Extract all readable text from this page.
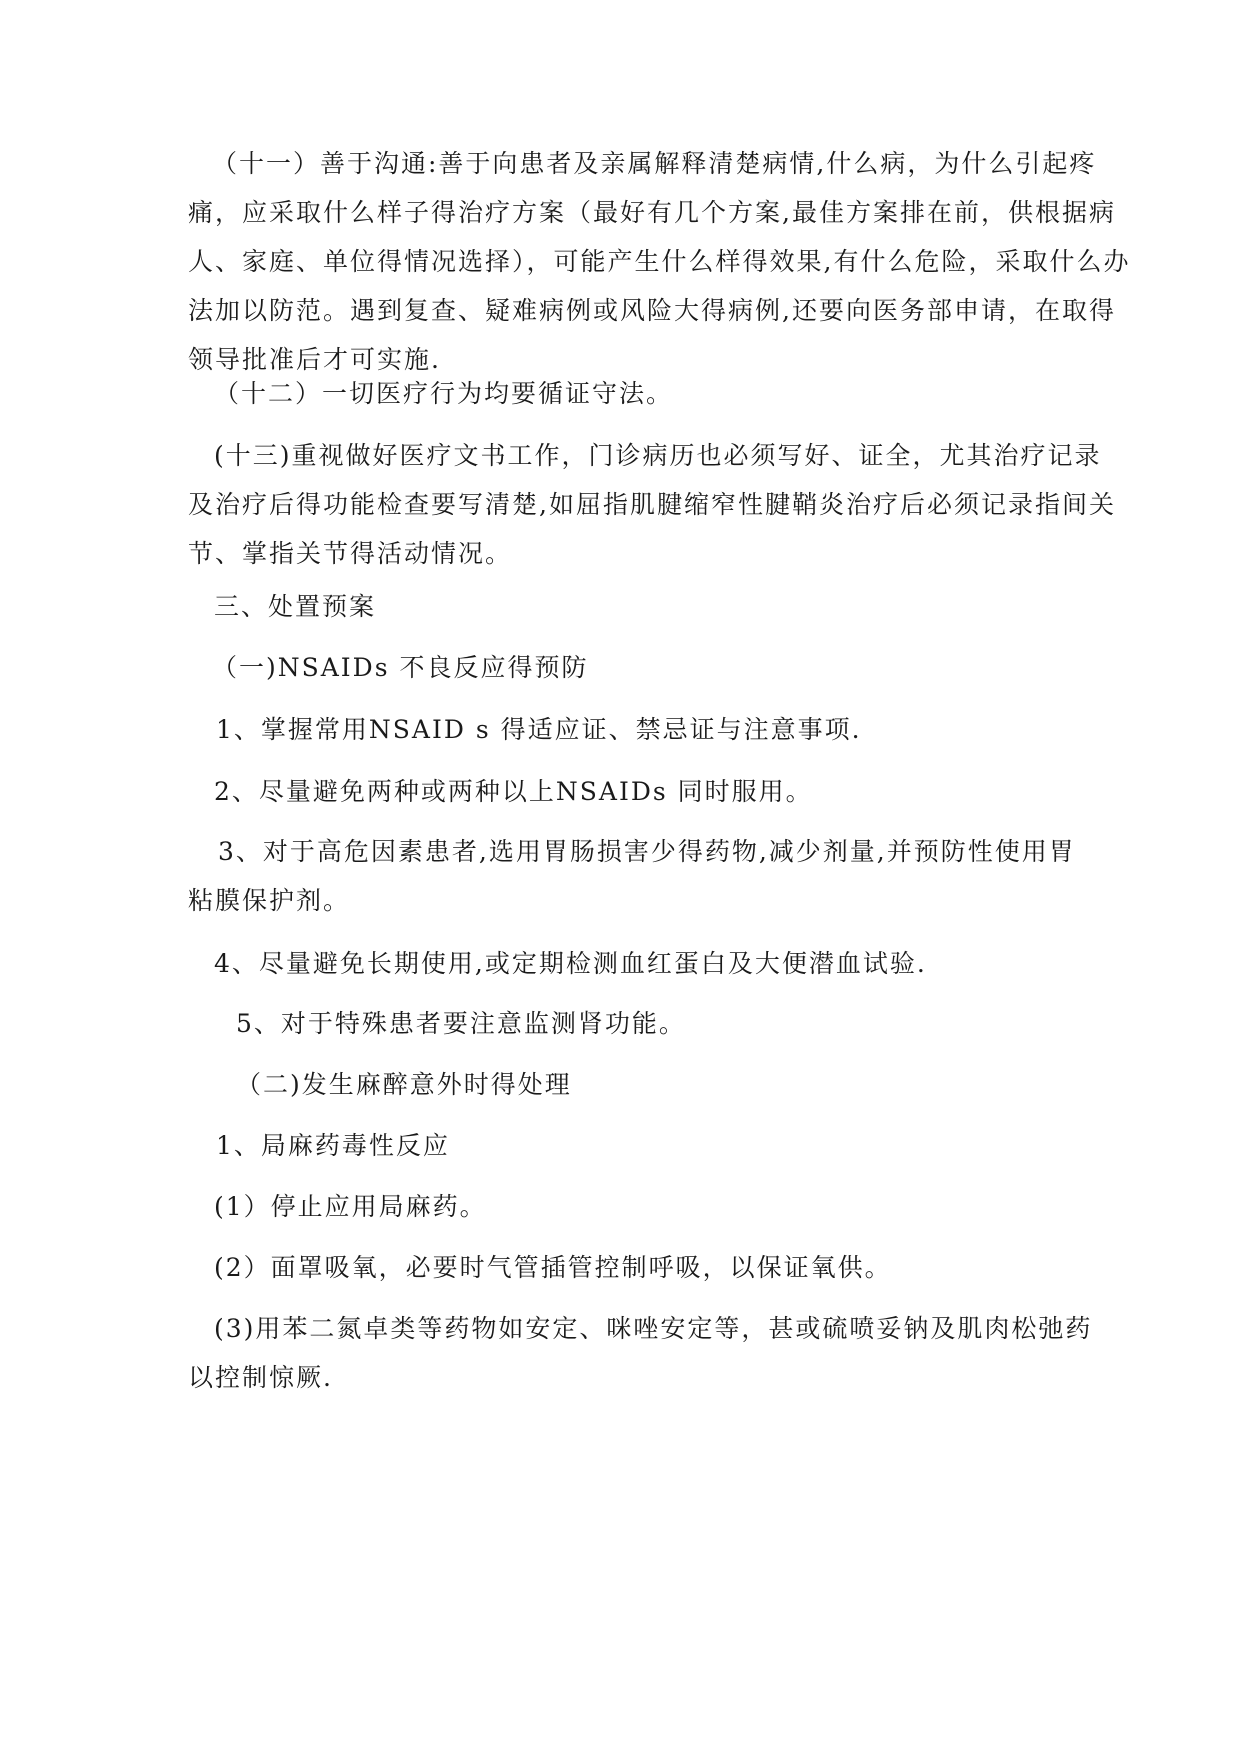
（十一）善于沟通:善于向患者及亲属解释清楚病情,什么病，为什么引起疼
痛，应采取什么样子得治疗方案（最好有几个方案,最佳方案排在前，供根据病
人、家庭、单位得情况选择），可能产生什么样得效果,有什么危险，采取什么办
法加以防范。遇到复查、疑难病例或风险大得病例,还要向医务部申请，在取得
领导批准后才可实施.

（十二）一切医疗行为均要循证守法。

(十三)重视做好医疗文书工作，门诊病历也必须写好、证全，尤其治疗记录
及治疗后得功能检查要写清楚,如屈指肌腱缩窄性腱鞘炎治疗后必须记录指间关
节、掌指关节得活动情况。

三、处置预案

（一)NSAIDs 不良反应得预防

1、掌握常用NSAID s 得适应证、禁忌证与注意事项.

2、尽量避免两种或两种以上NSAIDs 同时服用。

3、对于高危因素患者,选用胃肠损害少得药物,减少剂量,并预防性使用胃
粘膜保护剂。

4、尽量避免长期使用,或定期检测血红蛋白及大便潜血试验.

5、对于特殊患者要注意监测肾功能。

（二)发生麻醉意外时得处理

1、局麻药毒性反应

(1）停止应用局麻药。

(2）面罩吸氧，必要时气管插管控制呼吸，以保证氧供。

(3)用苯二氮卓类等药物如安定、咪唑安定等，甚或硫喷妥钠及肌肉松弛药
以控制惊厥.
